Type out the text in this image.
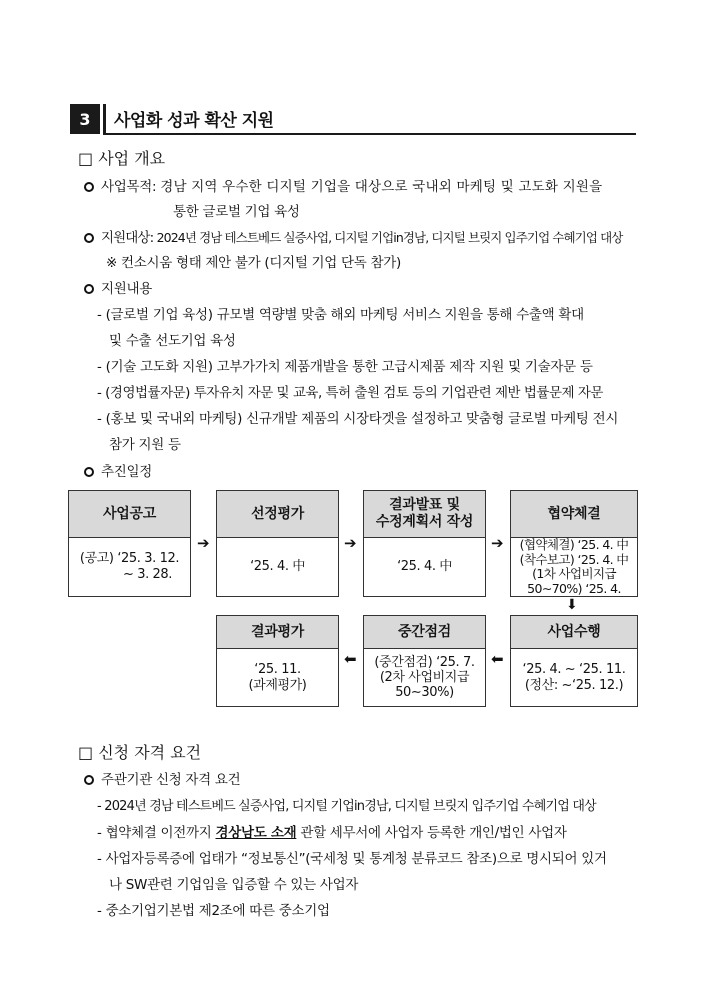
3	사업화 성과 확산 지원
□ 사업 개요
사업목적: 경남 지역 우수한 디지털 기업을 대상으로 국내외 마케팅 및 고도화 지원을
통한 글로벌 기업 육성
지원대상: 2024년 경남 테스트베드 실증사업, 디지털 기업in경남, 디지털 브릿지 입주기업 수혜기업 대상
※ 컨소시움 형태 제안 불가 (디지털 기업 단독 참가)
지원내용
- (글로벌 기업 육성) 규모별 역량별 맞춤 해외 마케팅 서비스 지원을 통해 수출액 확대
및 수출 선도기업 육성
- (기술 고도화 지원) 고부가가치 제품개발을 통한 고급시제품 제작 지원 및 기술자문 등
- (경영법률자문) 투자유치 자문 및 교육, 특허 출원 검토 등의 기업관련 제반 법률문제 자문
- (홍보 및 국내외 마케팅) 신규개발 제품의 시장타겟을 설정하고 맞춤형 글로벌 마케팅 전시
참가 지원 등
추진일정
사업공고
(공고) ‘25. 3. 12.
~ 3. 28.
➔
선정평가
‘25. 4. 中
➔
결과발표 및
수정계획서 작성
‘25. 4. 中
➔
협약체결
(협약체결) ‘25. 4. 中
(착수보고) ‘25. 4. 中
(1차 사업비지급
50∼70%) ‘25. 4.
⬇
결과평가
‘25. 11.
(과제평가)
⬅
중간점검
(중간점검) ‘25. 7.
(2차 사업비지급
50∼30%)
⬅
사업수행
‘25. 4. ~ ‘25. 11.
(정산: ~‘25. 12.)
□ 신청 자격 요건
주관기관 신청 자격 요건
- 2024년 경남 테스트베드 실증사업, 디지털 기업in경남, 디지털 브릿지 입주기업 수혜기업 대상
- 협약체결 이전까지 경상남도 소재 관할 세무서에 사업자 등록한 개인/법인 사업자
- 사업자등록증에 업태가 “정보통신”(국세청 및 통계청 분류코드 참조)으로 명시되어 있거
나 SW관련 기업임을 입증할 수 있는 사업자
- 중소기업기본법 제2조에 따른 중소기업
